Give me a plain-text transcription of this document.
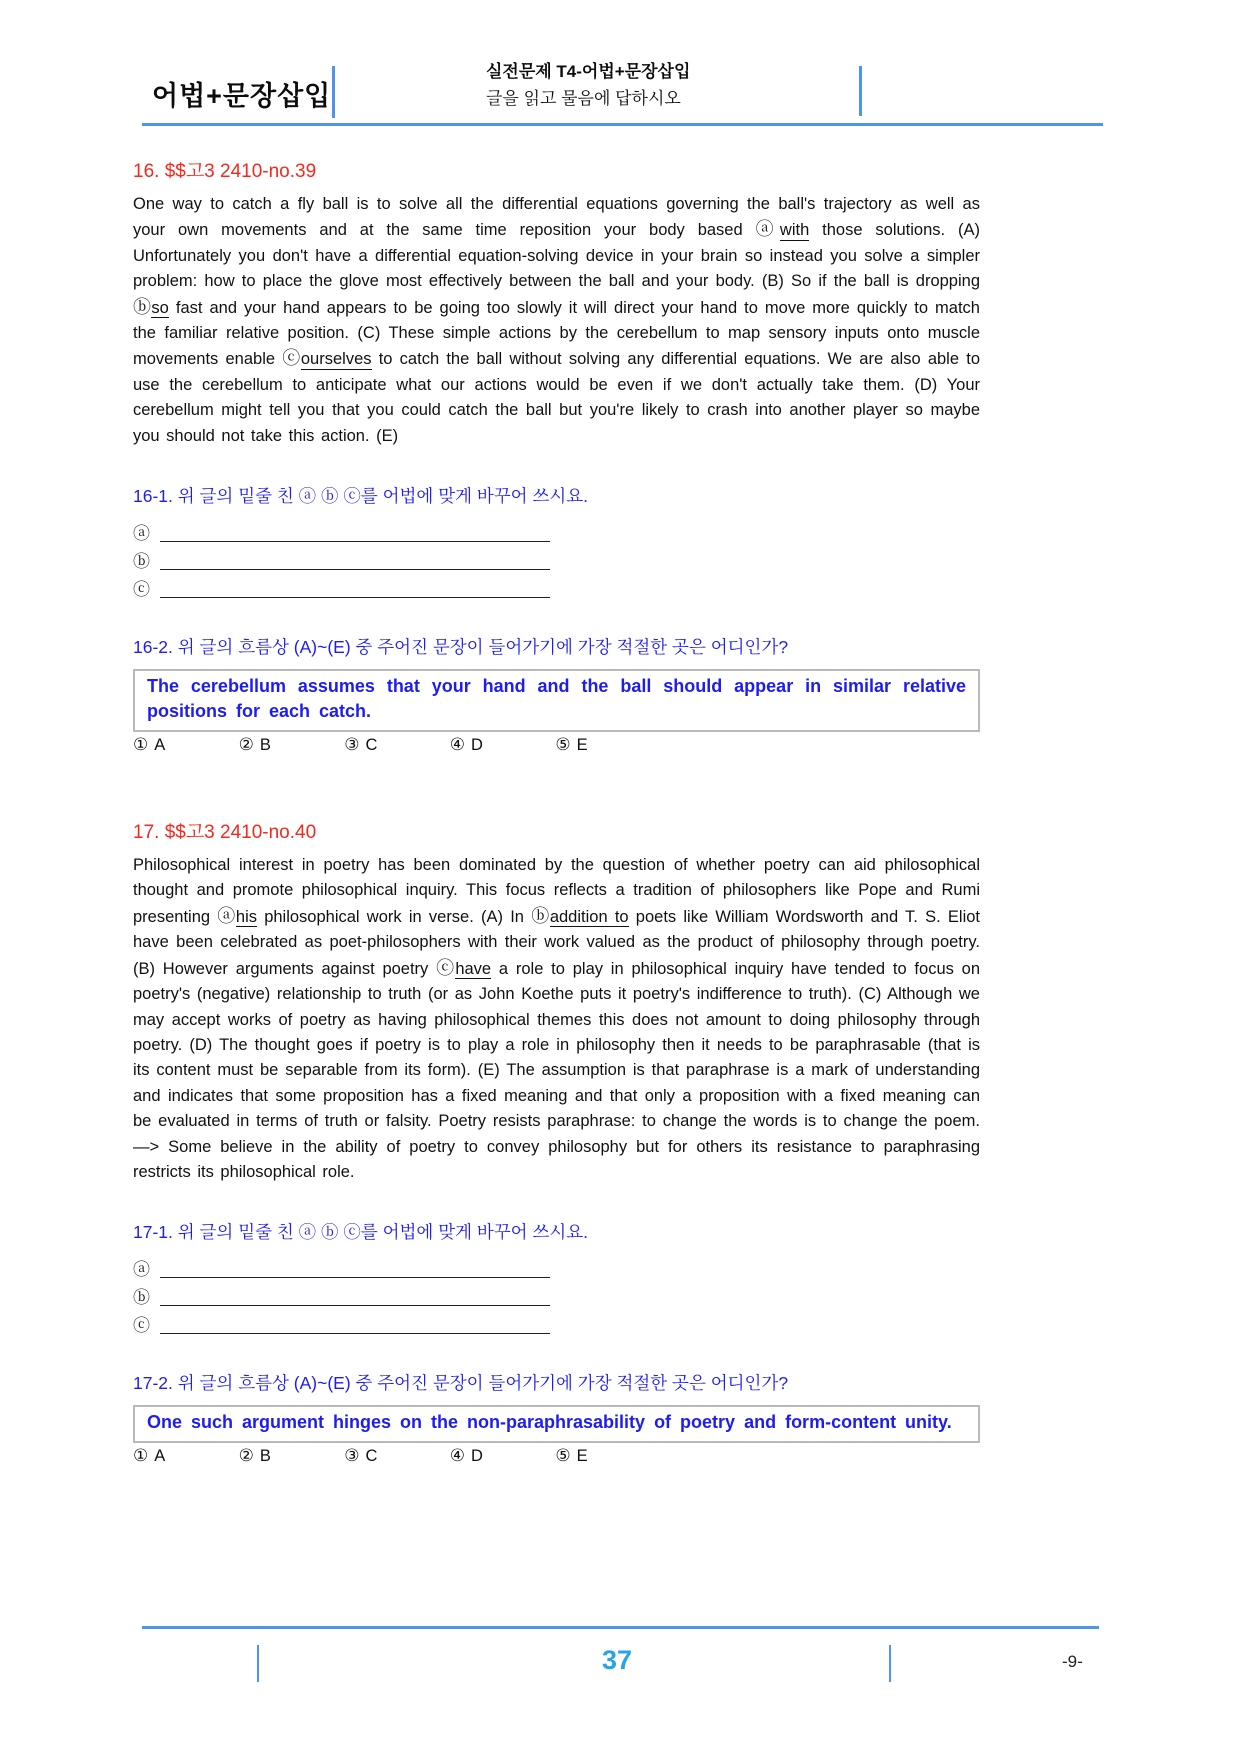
어법+문장삽입
실전문제 T4-어법+문장삽입
글을 읽고 물음에 답하시오
16. $$고3 2410-no.39

One way to catch a fly ball is to solve all the differential equations governing the ball's trajectory as well as your own movements and at the same time reposition your body based ⓐwith those solutions. (A) Unfortunately you don't have a differential equation-solving device in your brain so instead you solve a simpler problem: how to place the glove most effectively between the ball and your body. (B) So if the ball is dropping ⓑso fast and your hand appears to be going too slowly it will direct your hand to move more quickly to match the familiar relative position. (C) These simple actions by the cerebellum to map sensory inputs onto muscle movements enable ⓒourselves to catch the ball without solving any differential equations. We are also able to use the cerebellum to anticipate what our actions would be even if we don't actually take them. (D) Your cerebellum might tell you that you could catch the ball but you're likely to crash into another player so maybe you should not take this action. (E)

16-1. 위 글의 밑줄 친 ⓐ ⓑ ⓒ를 어법에 맞게 바꾸어 쓰시요.
ⓐ
ⓑ
ⓒ
16-2. 위 글의 흐름상 (A)~(E) 중 주어진 문장이 들어가기에 가장 적절한 곳은 어디인가?

The cerebellum assumes that your hand and the ball should appear in similar relative positions for each catch.

① A	② B	③ C	④ D	⑤ E
17. $$고3 2410-no.40

Philosophical interest in poetry has been dominated by the question of whether poetry can aid philosophical thought and promote philosophical inquiry. This focus reflects a tradition of philosophers like Pope and Rumi presenting ⓐhis philosophical work in verse. (A) In ⓑaddition to poets like William Wordsworth and T. S. Eliot have been celebrated as poet-philosophers with their work valued as the product of philosophy through poetry. (B) However arguments against poetry ⓒhave a role to play in philosophical inquiry have tended to focus on poetry's (negative) relationship to truth (or as John Koethe puts it poetry's indifference to truth). (C) Although we may accept works of poetry as having philosophical themes this does not amount to doing philosophy through poetry. (D) The thought goes if poetry is to play a role in philosophy then it needs to be paraphrasable (that is its content must be separable from its form). (E) The assumption is that paraphrase is a mark of understanding and indicates that some proposition has a fixed meaning and that only a proposition with a fixed meaning can be evaluated in terms of truth or falsity. Poetry resists paraphrase: to change the words is to change the poem. —> Some believe in the ability of poetry to convey philosophy but for others its resistance to paraphrasing restricts its philosophical role.

17-1. 위 글의 밑줄 친 ⓐ ⓑ ⓒ를 어법에 맞게 바꾸어 쓰시요.
ⓐ
ⓑ
ⓒ
17-2. 위 글의 흐름상 (A)~(E) 중 주어진 문장이 들어가기에 가장 적절한 곳은 어디인가?

One such argument hinges on the non-paraphrasability of poetry and form-content unity.

① A	② B	③ C	④ D	⑤ E
37	-9-
